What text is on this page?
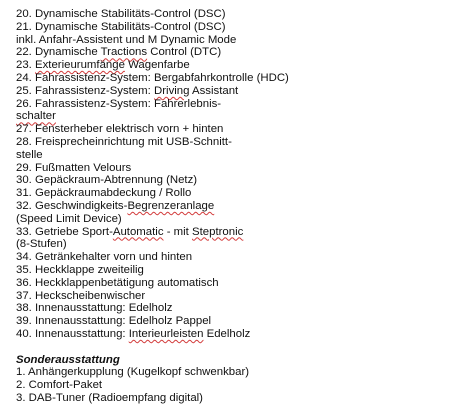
20. Dynamische Stabilitäts-Control (DSC)
21. Dynamische Stabilitäts-Control (DSC)
inkl. Anfahr-Assistent und M Dynamic Mode
22. Dynamische Tractions Control (DTC)
23. Exterieurumfänge Wagenfarbe
24. Fahrassistenz-System: Bergabfahrkontrolle (HDC)
25. Fahrassistenz-System: Driving Assistant
26. Fahrassistenz-System: Fahrerlebnis-
schalter
27. Fensterheber elektrisch vorn + hinten
28. Freisprecheinrichtung mit USB-Schnitt-
stelle
29. Fußmatten Velours
30. Gepäckraum-Abtrennung (Netz)
31. Gepäckraumabdeckung / Rollo
32. Geschwindigkeits-Begrenzeranlage
(Speed Limit Device)
33. Getriebe Sport-Automatic - mit Steptronic
(8-Stufen)
34. Getränkehalter vorn und hinten
35. Heckklappe zweiteilig
36. Heckklappenbetätigung automatisch
37. Heckscheibenwischer
38. Innenausstattung: Edelholz
39. Innenausstattung: Edelholz Pappel
40. Innenausstattung: Interieurleisten Edelholz
Sonderausstattung
1. Anhängerkupplung (Kugelkopf schwenkbar)
2. Comfort-Paket
3. DAB-Tuner (Radioempfang digital)
